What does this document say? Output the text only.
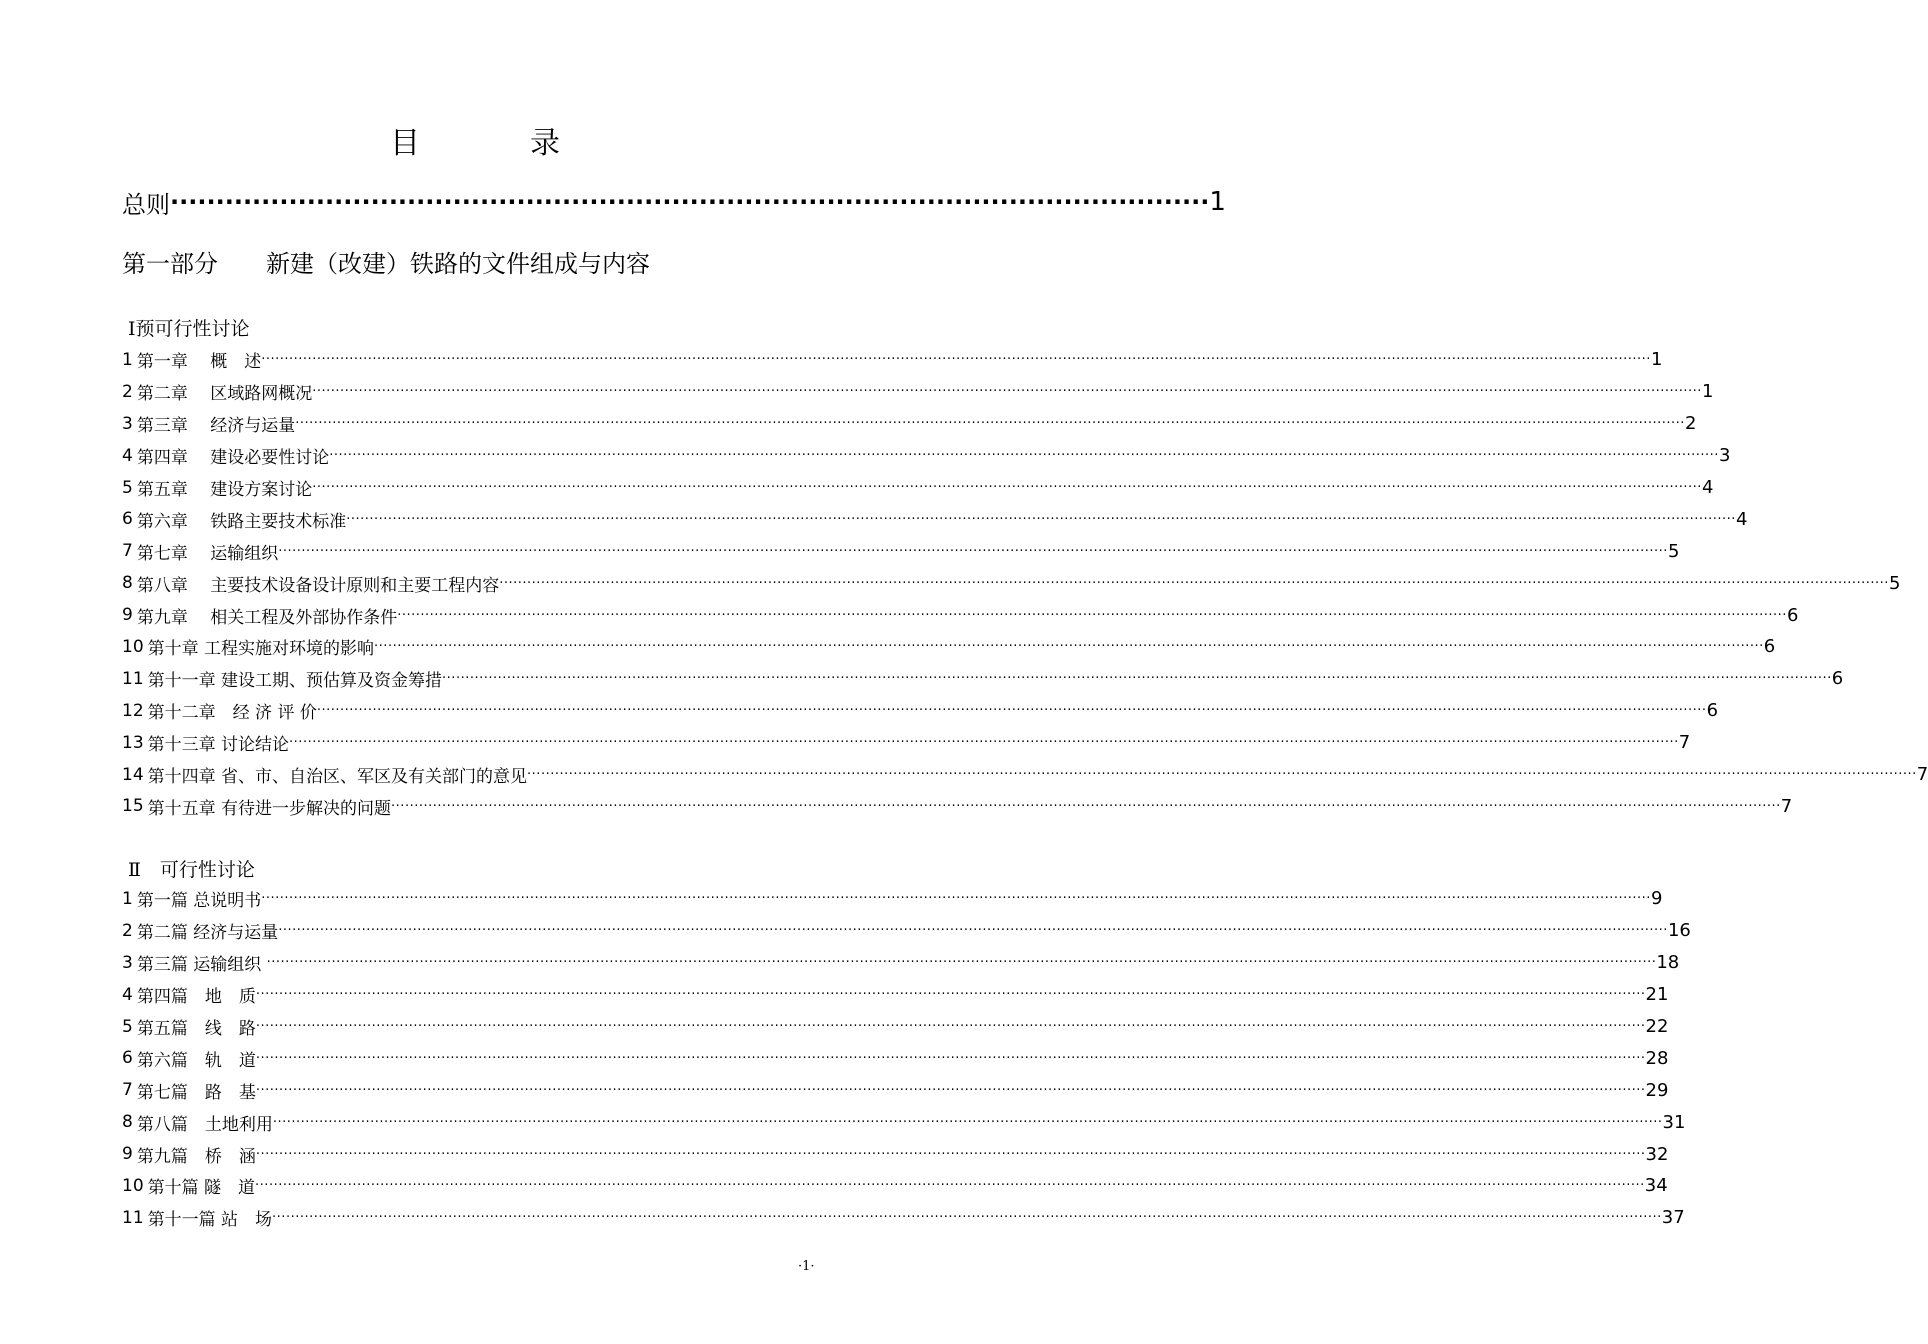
目　录
总则 ·················································································································· 1
第一部分　　新建（改建）铁路的文件组成与内容
Ⅰ预可行性讨论
1 第一章　 概　述 ············································································································································································································································································································ 1
2 第二章　 区域路网概况 ············································································································································································································································································································ 1
3 第三章　 经济与运量 ············································································································································································································································································································ 2
4 第四章　 建设必要性讨论 ············································································································································································································································································································ 3
5 第五章　 建设方案讨论 ············································································································································································································································································································ 4
6 第六章　 铁路主要技术标准 ············································································································································································································································································································ 4
7 第七章　 运输组织 ············································································································································································································································································································ 5
8 第八章　 主要技术设备设计原则和主要工程内容 ············································································································································································································································································································ 5
9 第九章　 相关工程及外部协作条件 ············································································································································································································································································································ 6
10 第十章 工程实施对环境的影响 ············································································································································································································································································································ 6
11 第十一章 建设工期、预估算及资金筹措 ············································································································································································································································································································ 6
12 第十二章　经 济 评 价 ············································································································································································································································································································ 6
13 第十三章 讨论结论 ············································································································································································································································································································ 7
14 第十四章 省、市、自治区、军区及有关部门的意见 ············································································································································································································································································································ 7
15 第十五章 有待进一步解决的问题 ············································································································································································································································································································ 7
Ⅱ　可行性讨论
1 第一篇 总说明书 ············································································································································································································································································································ 9
2 第二篇 经济与运量 ············································································································································································································································································································ 16
3 第三篇 运输组织 ············································································································································································································································································································ 18
4 第四篇　地　质 ············································································································································································································································································································ 21
5 第五篇　线　路 ············································································································································································································································································································ 22
6 第六篇　轨　道 ············································································································································································································································································································ 28
7 第七篇　路　基 ············································································································································································································································································································ 29
8 第八篇　土地利用 ············································································································································································································································································································ 31
9 第九篇　桥　涵 ············································································································································································································································································································ 32
10 第十篇 隧　道 ············································································································································································································································································································ 34
11 第十一篇 站　场 ············································································································································································································································································································ 37
·1·
